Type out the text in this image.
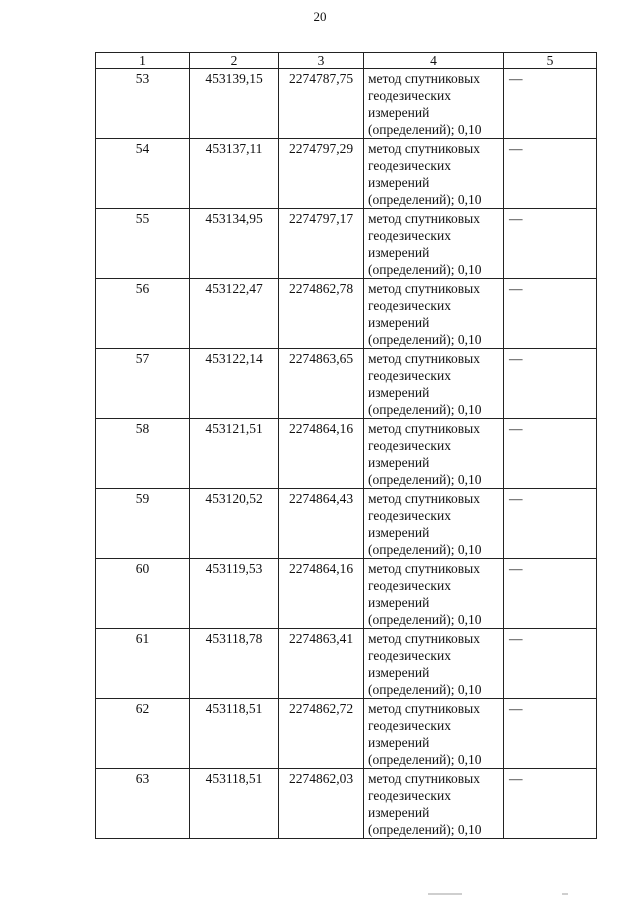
20
1	2	3	4	5
53	453139,15	2274787,75	метод спутниковых
геодезических
измерений
(определений); 0,10	—
54	453137,11	2274797,29	метод спутниковых
геодезических
измерений
(определений); 0,10	—
55	453134,95	2274797,17	метод спутниковых
геодезических
измерений
(определений); 0,10	—
56	453122,47	2274862,78	метод спутниковых
геодезических
измерений
(определений); 0,10	—
57	453122,14	2274863,65	метод спутниковых
геодезических
измерений
(определений); 0,10	—
58	453121,51	2274864,16	метод спутниковых
геодезических
измерений
(определений); 0,10	—
59	453120,52	2274864,43	метод спутниковых
геодезических
измерений
(определений); 0,10	—
60	453119,53	2274864,16	метод спутниковых
геодезических
измерений
(определений); 0,10	—
61	453118,78	2274863,41	метод спутниковых
геодезических
измерений
(определений); 0,10	—
62	453118,51	2274862,72	метод спутниковых
геодезических
измерений
(определений); 0,10	—
63	453118,51	2274862,03	метод спутниковых
геодезических
измерений
(определений); 0,10	—
